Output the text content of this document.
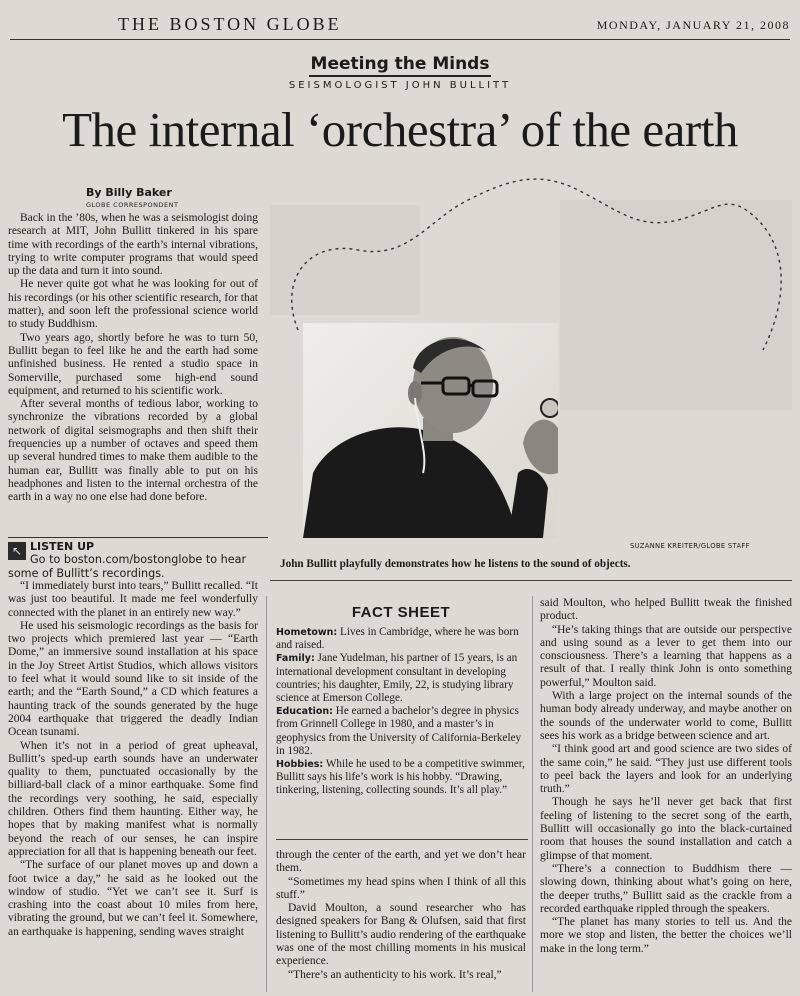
THE BOSTON GLOBE	MONDAY, JANUARY 21, 2008
Meeting the Minds
SEISMOLOGIST JOHN BULLITT
The internal ‘orchestra’ of the earth
By Billy Baker
GLOBE CORRESPONDENT

Back in the ’80s, when he was a seismologist doing research at MIT, John Bullitt tinkered in his spare time with recordings of the earth’s internal vibrations, trying to write computer programs that would speed up the data and turn it into sound.

He never quite got what he was looking for out of his recordings (or his other scientific research, for that matter), and soon left the professional science world to study Buddhism.

Two years ago, shortly before he was to turn 50, Bullitt began to feel like he and the earth had some unfinished business. He rented a studio space in Somerville, purchased some high-end sound equipment, and returned to his scientific work.

After several months of tedious labor, working to synchronize the vibrations recorded by a global network of digital seismographs and then shift their frequencies up a number of octaves and speed them up several hundred times to make them audible to the human ear, Bullitt was finally able to put on his headphones and listen to the internal orchestra of the earth in a way no one else had done before.

↖ LISTEN UP
Go to boston.com/bostonglobe to hear some of Bullitt’s recordings.

“I immediately burst into tears,” Bullitt recalled. “It was just too beautiful. It made me feel wonderfully connected with the planet in an entirely new way.”

He used his seismologic recordings as the basis for two projects which premiered last year — “Earth Dome,” an immersive sound installation at his space in the Joy Street Artist Studios, which allows visitors to feel what it would sound like to sit inside of the earth; and the “Earth Sound,” a CD which features a haunting track of the sounds generated by the huge 2004 earthquake that triggered the deadly Indian Ocean tsunami.

When it’s not in a period of great upheaval, Bullitt’s sped-up earth sounds have an underwater quality to them, punctuated occasionally by the billiard-ball clack of a minor earthquake. Some find the recordings very soothing, he said, especially children. Others find them haunting. Either way, he hopes that by making manifest what is normally beyond the reach of our senses, he can inspire appreciation for all that is happening beneath our feet.

“The surface of our planet moves up and down a foot twice a day,” he said as he looked out the window of studio. “Yet we can’t see it. Surf is crashing into the coast about 10 miles from here, vibrating the ground, but we can’t feel it. Somewhere, an earthquake is happening, sending waves straight

SUZANNE KREITER/GLOBE STAFF
John Bullitt playfully demonstrates how he listens to the sound of objects.
FACT SHEET

Hometown: Lives in Cambridge, where he was born and raised.

Family: Jane Yudelman, his partner of 15 years, is an international development consultant in developing countries; his daughter, Emily, 22, is studying library science at Emerson College.

Education: He earned a bachelor’s degree in physics from Grinnell College in 1980, and a master’s in geophysics from the University of California-Berkeley in 1982.

Hobbies: While he used to be a competitive swimmer, Bullitt says his life’s work is his hobby. “Drawing, tinkering, listening, collecting sounds. It’s all play.”

through the center of the earth, and yet we don’t hear them.

“Sometimes my head spins when I think of all this stuff.”

David Moulton, a sound researcher who has designed speakers for Bang & Olufsen, said that first listening to Bullitt’s audio rendering of the earthquake was one of the most chilling moments in his musical experience.

“There’s an authenticity to his work. It’s real,”

said Moulton, who helped Bullitt tweak the finished product.

“He’s taking things that are outside our perspective and using sound as a lever to get them into our consciousness. There’s a learning that happens as a result of that. I really think John is onto something powerful,” Moulton said.

With a large project on the internal sounds of the human body already underway, and maybe another on the sounds of the underwater world to come, Bullitt sees his work as a bridge between science and art.

“I think good art and good science are two sides of the same coin,” he said. “They just use different tools to peel back the layers and look for an underlying truth.”

Though he says he’ll never get back that first feeling of listening to the secret song of the earth, Bullitt will occasionally go into the black-curtained room that houses the sound installation and catch a glimpse of that moment.

“There’s a connection to Buddhism there — slowing down, thinking about what’s going on here, the deeper truths,” Bullitt said as the crackle from a recorded earthquake rippled through the speakers.

“The planet has many stories to tell us. And the more we stop and listen, the better the choices we’ll make in the long term.”
